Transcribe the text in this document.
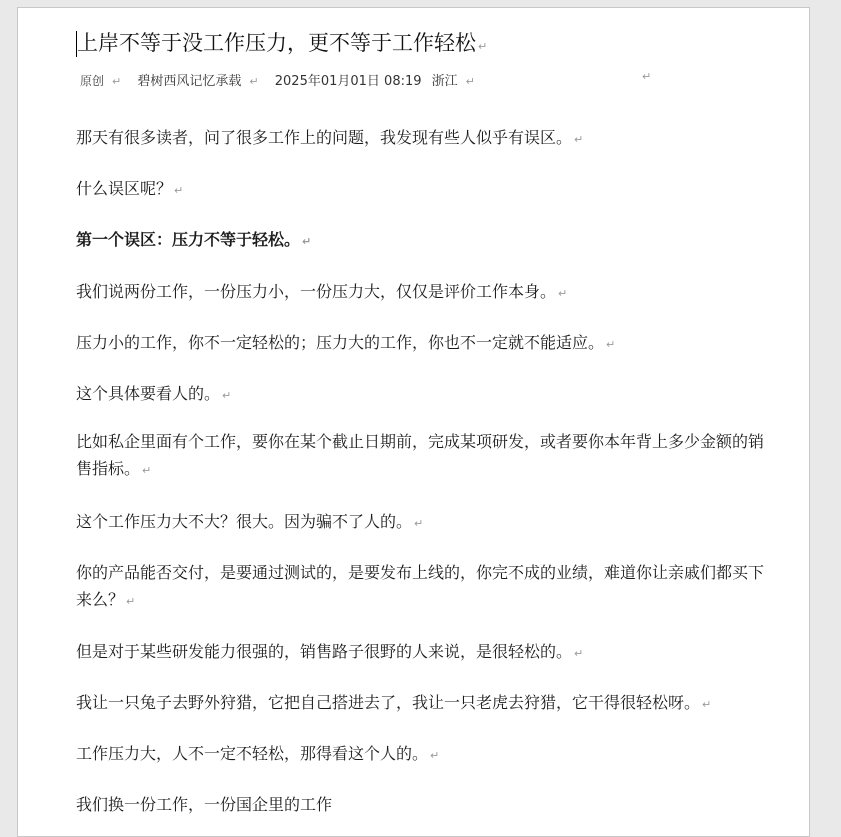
上岸不等于没工作压力，更不等于工作轻松 ↵
原创 ↵ 碧树西风记忆承载 ↵ 2025年01月01日 08:19 浙江 ↵	↵
那天有很多读者，问了很多工作上的问题，我发现有些人似乎有误区。 ↵
什么误区呢？ ↵
第一个误区：压力不等于轻松。 ↵
我们说两份工作，一份压力小，一份压力大，仅仅是评价工作本身。 ↵
压力小的工作，你不一定轻松的；压力大的工作，你也不一定就不能适应。 ↵
这个具体要看人的。 ↵
比如私企里面有个工作，要你在某个截止日期前，完成某项研发，或者要你本年背上多少金额的销售指标。 ↵
这个工作压力大不大？很大。因为骗不了人的。 ↵
你的产品能否交付，是要通过测试的，是要发布上线的，你完不成的业绩，难道你让亲戚们都买下来么？ ↵
但是对于某些研发能力很强的，销售路子很野的人来说，是很轻松的。 ↵
我让一只兔子去野外狩猎，它把自己搭进去了，我让一只老虎去狩猎，它干得很轻松呀。 ↵
工作压力大，人不一定不轻松，那得看这个人的。 ↵
我们换一份工作，一份国企里的工作
